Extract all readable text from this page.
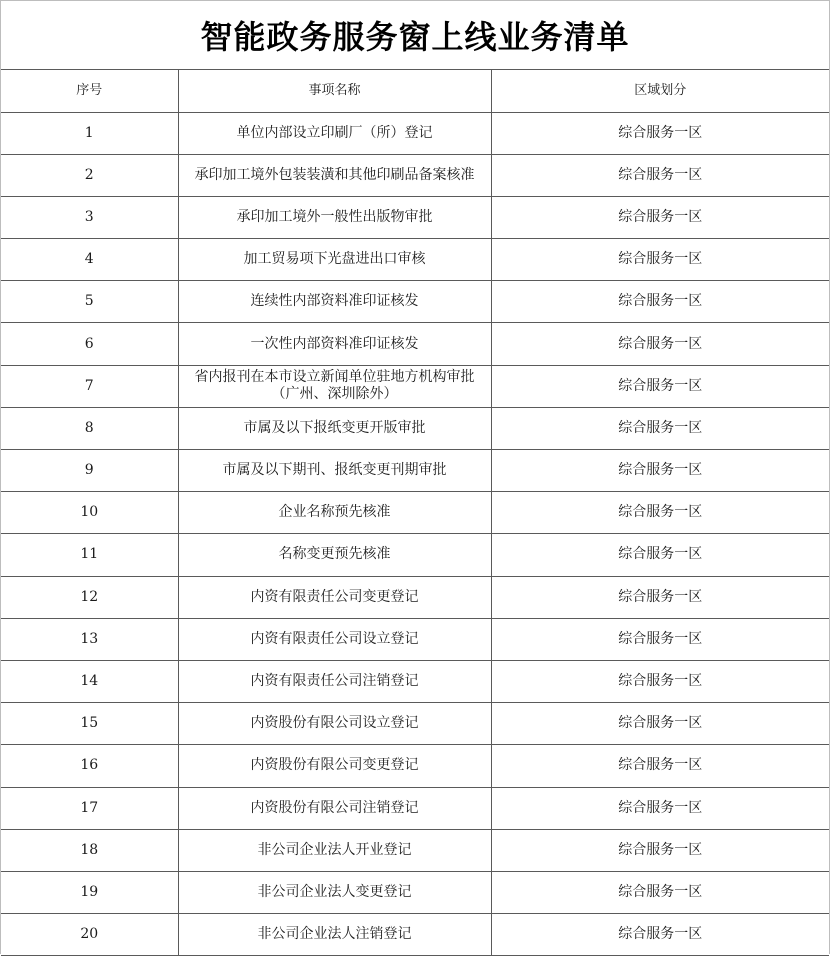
智能政务服务窗上线业务清单
序号	事项名称	区域划分
1	单位内部设立印刷厂（所）登记	综合服务一区
2	承印加工境外包装装潢和其他印刷品备案核准	综合服务一区
3	承印加工境外一般性出版物审批	综合服务一区
4	加工贸易项下光盘进出口审核	综合服务一区
5	连续性内部资料准印证核发	综合服务一区
6	一次性内部资料准印证核发	综合服务一区
7	省内报刊在本市设立新闻单位驻地方机构审批（广州、深圳除外）	综合服务一区
8	市属及以下报纸变更开版审批	综合服务一区
9	市属及以下期刊、报纸变更刊期审批	综合服务一区
10	企业名称预先核准	综合服务一区
11	名称变更预先核准	综合服务一区
12	内资有限责任公司变更登记	综合服务一区
13	内资有限责任公司设立登记	综合服务一区
14	内资有限责任公司注销登记	综合服务一区
15	内资股份有限公司设立登记	综合服务一区
16	内资股份有限公司变更登记	综合服务一区
17	内资股份有限公司注销登记	综合服务一区
18	非公司企业法人开业登记	综合服务一区
19	非公司企业法人变更登记	综合服务一区
20	非公司企业法人注销登记	综合服务一区
